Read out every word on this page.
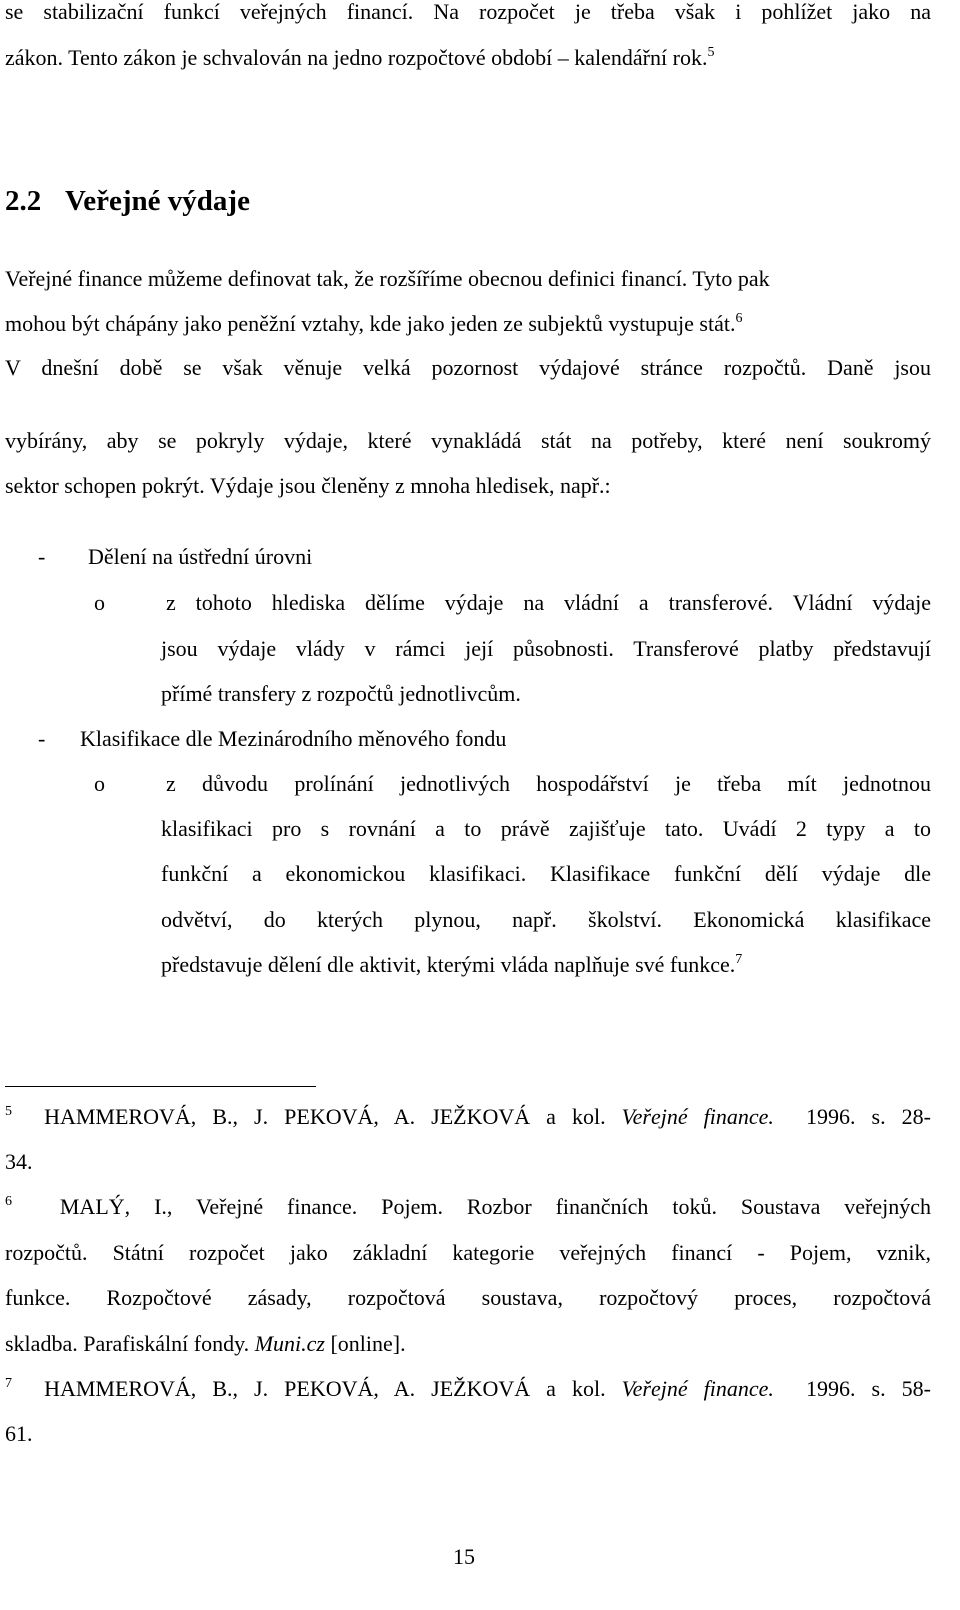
se stabilizační funkcí veřejných financí. Na rozpočet je třeba však i pohlížet jako na
zákon. Tento zákon je schvalován na jedno rozpočtové období – kalendářní rok.$^5$
2.2 Veřejné výdaje
Veřejné finance můžeme definovat tak, že rozšíříme obecnou definici financí. Tyto pak
mohou být chápány jako peněžní vztahy, kde jako jeden ze subjektů vystupuje stát.$^6$
V dnešní době se však věnuje velká pozornost výdajové stránce rozpočtů. Daně jsou
vybírány, aby se pokryly výdaje, které vynakládá stát na potřeby, které není soukromý
sektor schopen pokrýt. Výdaje jsou členěny z mnoha hledisek, např.:
- Dělení na ústřední úrovni
o	z tohoto hlediska dělíme výdaje na vládní a transferové. Vládní výdaje
jsou výdaje vlády v rámci její působnosti. Transferové platby představují
přímé transfery z rozpočtů jednotlivcům.
- Klasifikace dle Mezinárodního měnového fondu
o	z důvodu prolínání jednotlivých hospodářství je třeba mít jednotnou
klasifikaci pro s rovnání a to právě zajišťuje tato. Uvádí 2 typy a to
funkční a ekonomickou klasifikaci. Klasifikace funkční dělí výdaje dle
odvětví, do kterých plynou, např. školství. Ekonomická klasifikace
představuje dělení dle aktivit, kterými vláda naplňuje své funkce.$^7$
$^5$ HAMMEROVÁ, B., J. PEKOVÁ, A. JEŽKOVÁ a kol. Veřejné finance. 1996. s. 28-
34.
$^6$ MALÝ, I., Veřejné finance. Pojem. Rozbor finančních toků. Soustava veřejných
rozpočtů. Státní rozpočet jako základní kategorie veřejných financí - Pojem, vznik,
funkce. Rozpočtové zásady, rozpočtová soustava, rozpočtový proces, rozpočtová
skladba. Parafiskální fondy. Muni.cz [online].
$^7$ HAMMEROVÁ, B., J. PEKOVÁ, A. JEŽKOVÁ a kol. Veřejné finance. 1996. s. 58-
61.
15
